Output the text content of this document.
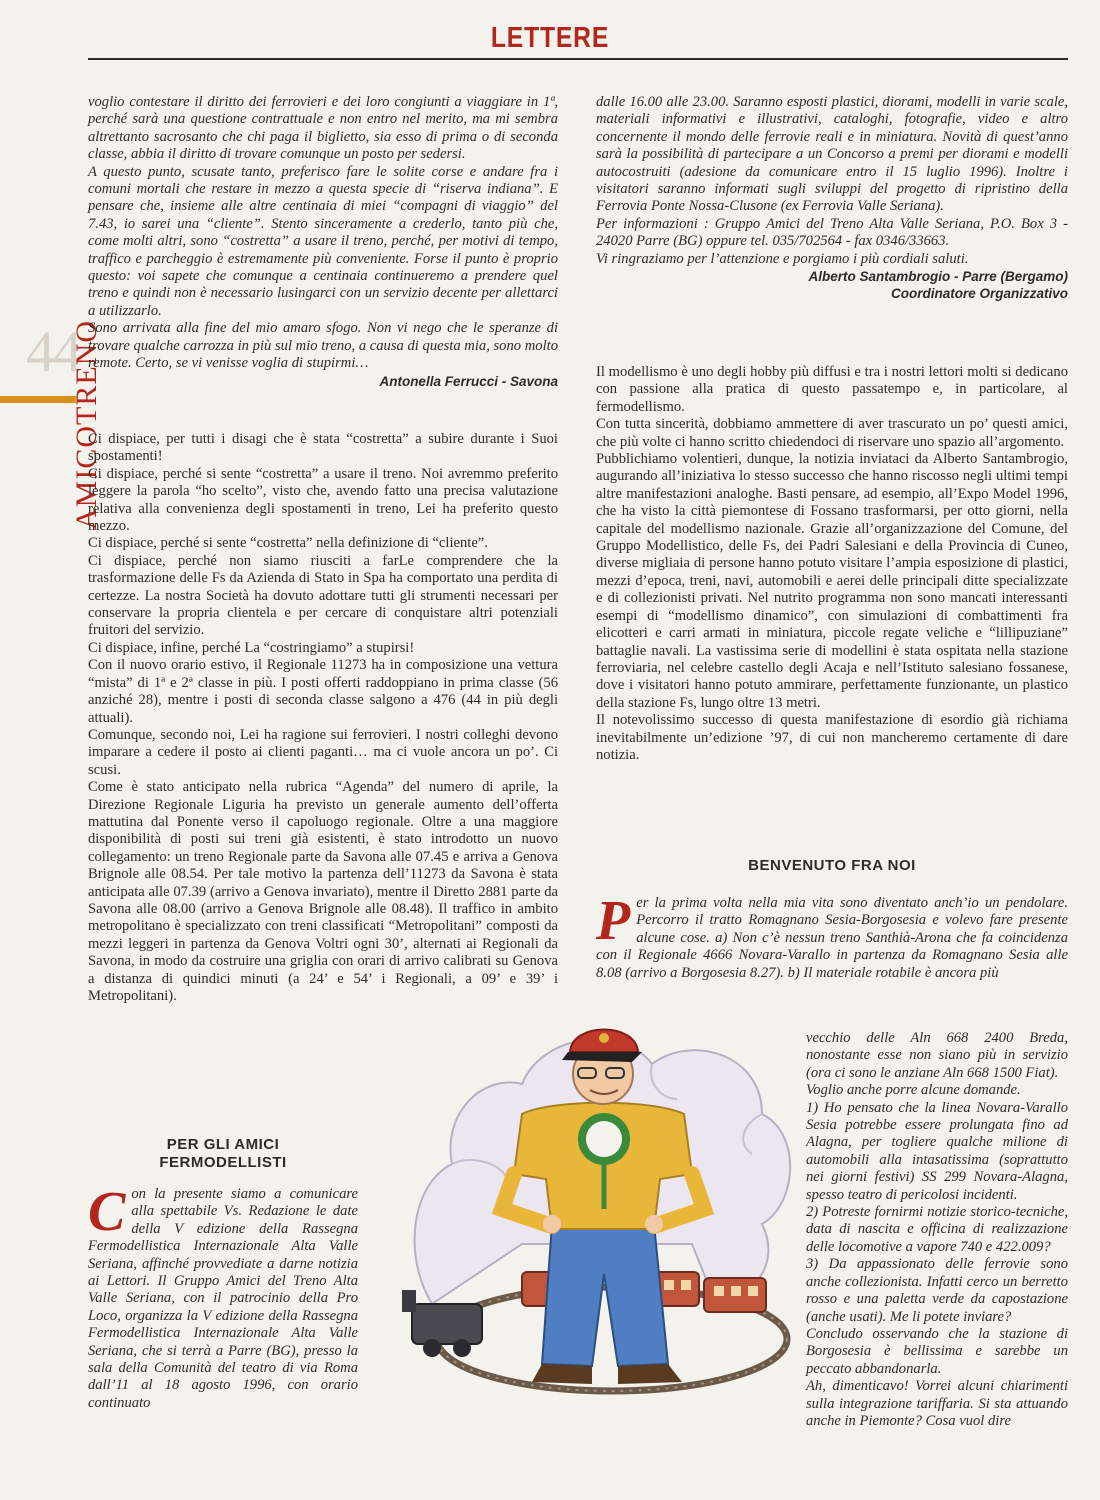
LETTERE
44
AMICOTRENO

voglio contestare il diritto dei ferrovieri e dei loro congiunti a viaggiare in 1ª, perché sarà una questione contrattuale e non entro nel merito, ma mi sembra altrettanto sacrosanto che chi paga il biglietto, sia esso di prima o di seconda classe, abbia il diritto di trovare comunque un posto per sedersi.

A questo punto, scusate tanto, preferisco fare le solite corse e andare fra i comuni mortali che restare in mezzo a questa specie di “riserva indiana”. E pensare che, insieme alle altre centinaia di miei “compagni di viaggio” del 7.43, io sarei una “cliente”. Stento sinceramente a crederlo, tanto più che, come molti altri, sono “costretta” a usare il treno, perché, per motivi di tempo, traffico e parcheggio è estremamente più conveniente. Forse il punto è proprio questo: voi sapete che comunque a centinaia continueremo a prendere quel treno e quindi non è necessario lusingarci con un servizio decente per allettarci a utilizzarlo.

Sono arrivata alla fine del mio amaro sfogo. Non vi nego che le speranze di trovare qualche carrozza in più sul mio treno, a causa di questa mia, sono molto remote. Certo, se vi venisse voglia di stupirmi…

Antonella Ferrucci - Savona

Ci dispiace, per tutti i disagi che è stata “costretta” a subire durante i Suoi spostamenti!

Ci dispiace, perché si sente “costretta” a usare il treno. Noi avremmo preferito leggere la parola “ho scelto”, visto che, avendo fatto una precisa valutazione relativa alla convenienza degli spostamenti in treno, Lei ha preferito questo mezzo.

Ci dispiace, perché si sente “costretta” nella definizione di “cliente”.

Ci dispiace, perché non siamo riusciti a farLe comprendere che la trasformazione delle Fs da Azienda di Stato in Spa ha comportato una perdita di certezze. La nostra Società ha dovuto adottare tutti gli strumenti necessari per conservare la propria clientela e per cercare di conquistare altri potenziali fruitori del servizio.

Ci dispiace, infine, perché La “costringiamo” a stupirsi!

Con il nuovo orario estivo, il Regionale 11273 ha in composizione una vettura “mista” di 1ª e 2ª classe in più. I posti offerti raddoppiano in prima classe (56 anziché 28), mentre i posti di seconda classe salgono a 476 (44 in più degli attuali).

Comunque, secondo noi, Lei ha ragione sui ferrovieri. I nostri colleghi devono imparare a cedere il posto ai clienti paganti… ma ci vuole ancora un po’. Ci scusi.

Come è stato anticipato nella rubrica “Agenda” del numero di aprile, la Direzione Regionale Liguria ha previsto un generale aumento dell’offerta mattutina dal Ponente verso il capoluogo regionale. Oltre a una maggiore disponibilità di posti sui treni già esistenti, è stato introdotto un nuovo collegamento: un treno Regionale parte da Savona alle 07.45 e arriva a Genova Brignole alle 08.54. Per tale motivo la partenza dell’11273 da Savona è stata anticipata alle 07.39 (arrivo a Genova invariato), mentre il Diretto 2881 parte da Savona alle 08.00 (arrivo a Genova Brignole alle 08.48). Il traffico in ambito metropolitano è specializzato con treni classificati “Metropolitani” composti da mezzi leggeri in partenza da Genova Voltri ogni 30’, alternati ai Regionali da Savona, in modo da costruire una griglia con orari di arrivo calibrati su Genova a distanza di quindici minuti (a 24’ e 54’ i Regionali, a 09’ e 39’ i Metropolitani).

PER GLI AMICI
FERMODELLISTI

Con la presente siamo a comunicare alla spettabile Vs. Redazione le date della V edizione della Rassegna Fermodellistica Internazionale Alta Valle Seriana, affinché provvediate a darne notizia ai Lettori. Il Gruppo Amici del Treno Alta Valle Seriana, con il patrocinio della Pro Loco, organizza la V edizione della Rassegna Fermodellistica Internazionale Alta Valle Seriana, che si terrà a Parre (BG), presso la sala della Comunità del teatro di via Roma dall’11 al 18 agosto 1996, con orario continuato

dalle 16.00 alle 23.00. Saranno esposti plastici, diorami, modelli in varie scale, materiali informativi e illustrativi, cataloghi, fotografie, video e altro concernente il mondo delle ferrovie reali e in miniatura. Novità di quest’anno sarà la possibilità di partecipare a un Concorso a premi per diorami e modelli autocostruiti (adesione da comunicare entro il 15 luglio 1996). Inoltre i visitatori saranno informati sugli sviluppi del progetto di ripristino della Ferrovia Ponte Nossa-Clusone (ex Ferrovia Valle Seriana).

Per informazioni : Gruppo Amici del Treno Alta Valle Seriana, P.O. Box 3 - 24020 Parre (BG) oppure tel. 035/702564 - fax 0346/33663.

Vi ringraziamo per l’attenzione e porgiamo i più cordiali saluti.

Alberto Santambrogio - Parre (Bergamo)
Coordinatore Organizzativo

Il modellismo è uno degli hobby più diffusi e tra i nostri lettori molti si dedicano con passione alla pratica di questo passatempo e, in particolare, al fermodellismo.

Con tutta sincerità, dobbiamo ammettere di aver trascurato un po’ questi amici, che più volte ci hanno scritto chiedendoci di riservare uno spazio all’argomento.

Pubblichiamo volentieri, dunque, la notizia inviataci da Alberto Santambrogio, augurando all’iniziativa lo stesso successo che hanno riscosso negli ultimi tempi altre manifestazioni analoghe. Basti pensare, ad esempio, all’Expo Model 1996, che ha visto la città piemontese di Fossano trasformarsi, per otto giorni, nella capitale del modellismo nazionale. Grazie all’organizzazione del Comune, del Gruppo Modellistico, delle Fs, dei Padri Salesiani e della Provincia di Cuneo, diverse migliaia di persone hanno potuto visitare l’ampia esposizione di plastici, mezzi d’epoca, treni, navi, automobili e aerei delle principali ditte specializzate e di collezionisti privati. Nel nutrito programma non sono mancati interessanti esempi di “modellismo dinamico”, con simulazioni di combattimenti fra elicotteri e carri armati in miniatura, piccole regate veliche e “lillipuziane” battaglie navali. La vastissima serie di modellini è stata ospitata nella stazione ferroviaria, nel celebre castello degli Acaja e nell’Istituto salesiano fossanese, dove i visitatori hanno potuto ammirare, perfettamente funzionante, un plastico della stazione Fs, lungo oltre 13 metri.

Il notevolissimo successo di questa manifestazione di esordio già richiama inevitabilmente un’edizione ’97, di cui non mancheremo certamente di dare notizia.

BENVENUTO FRA NOI

Per la prima volta nella mia vita sono diventato anch’io un pendolare. Percorro il tratto Romagnano Sesia-Borgosesia e volevo fare presente alcune cose. a) Non c’è nessun treno Santhià-Arona che fa coincidenza con il Regionale 4666 Novara-Varallo in partenza da Romagnano Sesia alle 8.08 (arrivo a Borgosesia 8.27). b) Il materiale rotabile è ancora più

vecchio delle Aln 668 2400 Breda, nonostante esse non siano più in servizio (ora ci sono le anziane Aln 668 1500 Fiat).

Voglio anche porre alcune domande.

1) Ho pensato che la linea Novara-Varallo Sesia potrebbe essere prolungata fino ad Alagna, per togliere qualche milione di automobili alla intasatissima (soprattutto nei giorni festivi) SS 299 Novara-Alagna, spesso teatro di pericolosi incidenti.

2) Potreste fornirmi notizie storico-tecniche, data di nascita e officina di realizzazione delle locomotive a vapore 740 e 422.009?

3) Da appassionato delle ferrovie sono anche collezionista. Infatti cerco un berretto rosso e una paletta verde da capostazione (anche usati). Me li potete inviare?

Concludo osservando che la stazione di Borgosesia è bellissima e sarebbe un peccato abbandonarla.

Ah, dimenticavo! Vorrei alcuni chiarimenti sulla integrazione tariffaria. Si sta attuando anche in Piemonte? Cosa vuol dire
